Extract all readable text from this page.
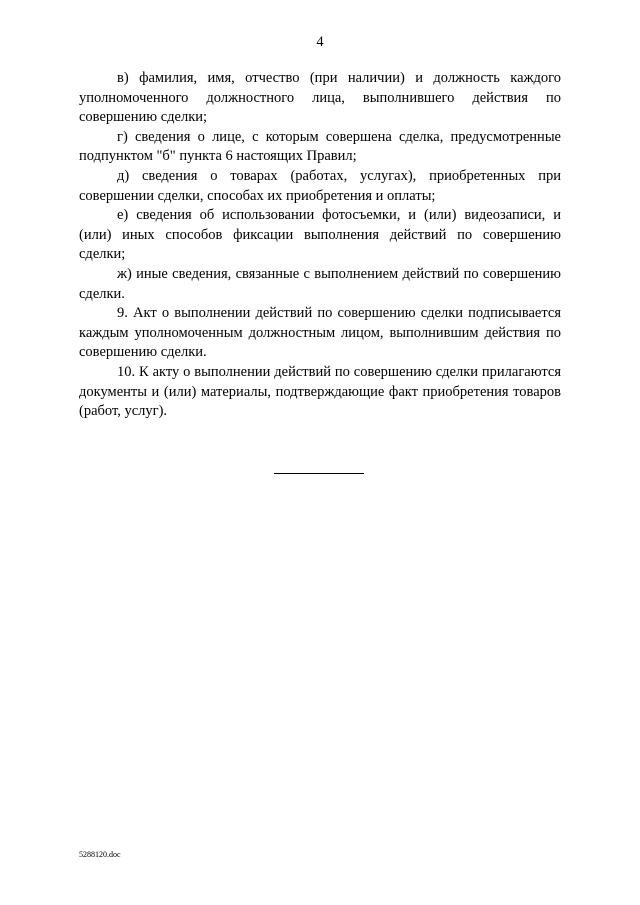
4

в) фамилия, имя, отчество (при наличии) и должность каждого уполномоченного должностного лица, выполнившего действия по совершению сделки;

г) сведения о лице, с которым совершена сделка, предусмотренные подпунктом "б" пункта 6 настоящих Правил;

д) сведения о товарах (работах, услугах), приобретенных при совершении сделки, способах их приобретения и оплаты;

е) сведения об использовании фотосъемки, и (или) видеозаписи, и (или) иных способов фиксации выполнения действий по совершению сделки;

ж) иные сведения, связанные с выполнением действий по совершению сделки.

9. Акт о выполнении действий по совершению сделки подписывается каждым уполномоченным должностным лицом, выполнившим действия по совершению сделки.

10. К акту о выполнении действий по совершению сделки прилагаются документы и (или) материалы, подтверждающие факт приобретения товаров (работ, услуг).

5288120.doc
